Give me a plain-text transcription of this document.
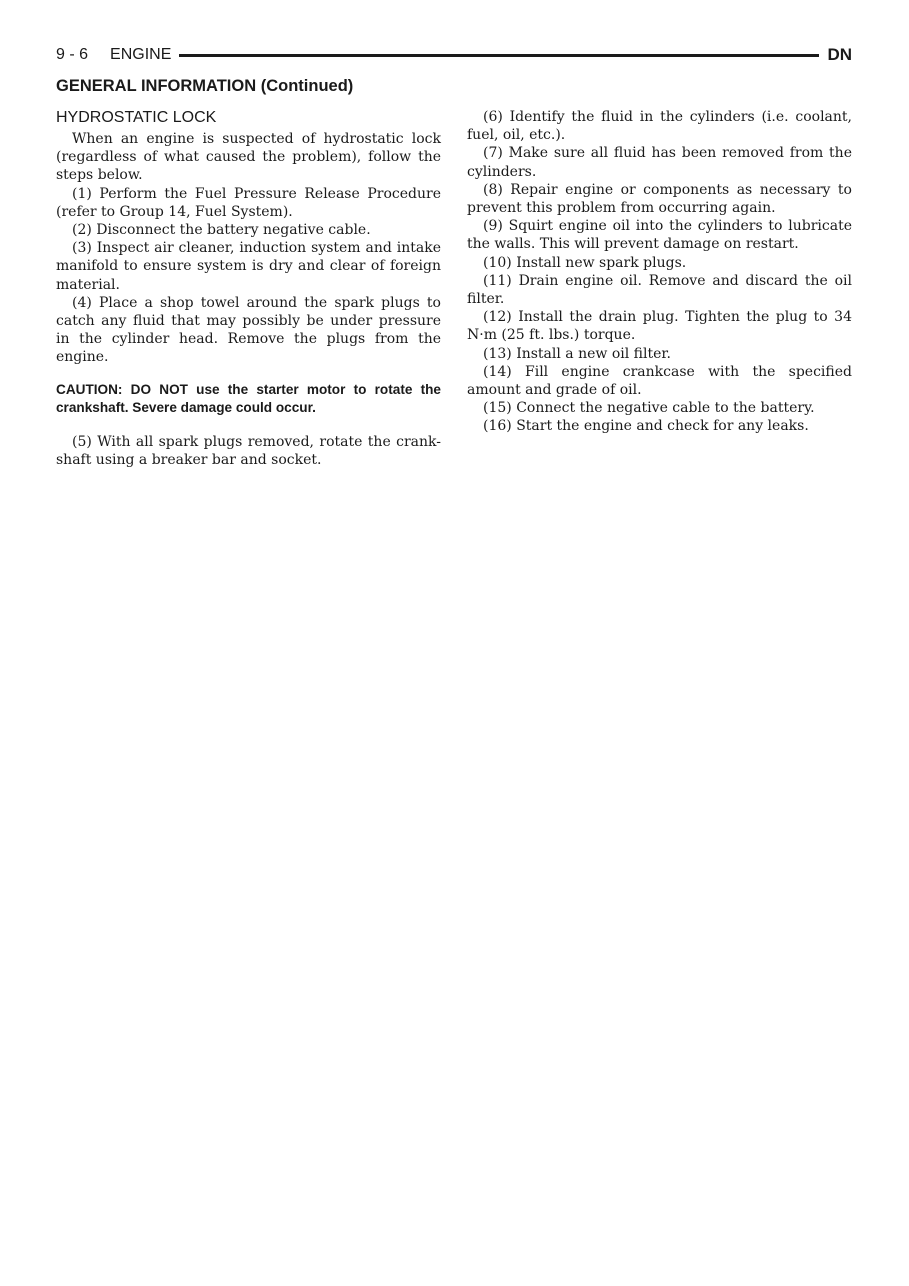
9 - 6 ENGINE	DN
GENERAL INFORMATION (Continued)
HYDROSTATIC LOCK

When an engine is suspected of hydrostatic lock (regardless of what caused the problem), follow the steps below.

(1) Perform the Fuel Pressure Release Procedure (refer to Group 14, Fuel System).

(2) Disconnect the battery negative cable.

(3) Inspect air cleaner, induction system and intake manifold to ensure system is dry and clear of foreign material.

(4) Place a shop towel around the spark plugs to catch any fluid that may possibly be under pressure in the cylinder head. Remove the plugs from the engine.

CAUTION: DO NOT use the starter motor to rotate the crankshaft. Severe damage could occur.

(5) With all spark plugs removed, rotate the crank-shaft using a breaker bar and socket.

(6) Identify the fluid in the cylinders (i.e. coolant, fuel, oil, etc.).

(7) Make sure all fluid has been removed from the cylinders.

(8) Repair engine or components as necessary to prevent this problem from occurring again.

(9) Squirt engine oil into the cylinders to lubricate the walls. This will prevent damage on restart.

(10) Install new spark plugs.

(11) Drain engine oil. Remove and discard the oil filter.

(12) Install the drain plug. Tighten the plug to 34 N·m (25 ft. lbs.) torque.

(13) Install a new oil filter.

(14) Fill engine crankcase with the specified amount and grade of oil.

(15) Connect the negative cable to the battery.

(16) Start the engine and check for any leaks.
